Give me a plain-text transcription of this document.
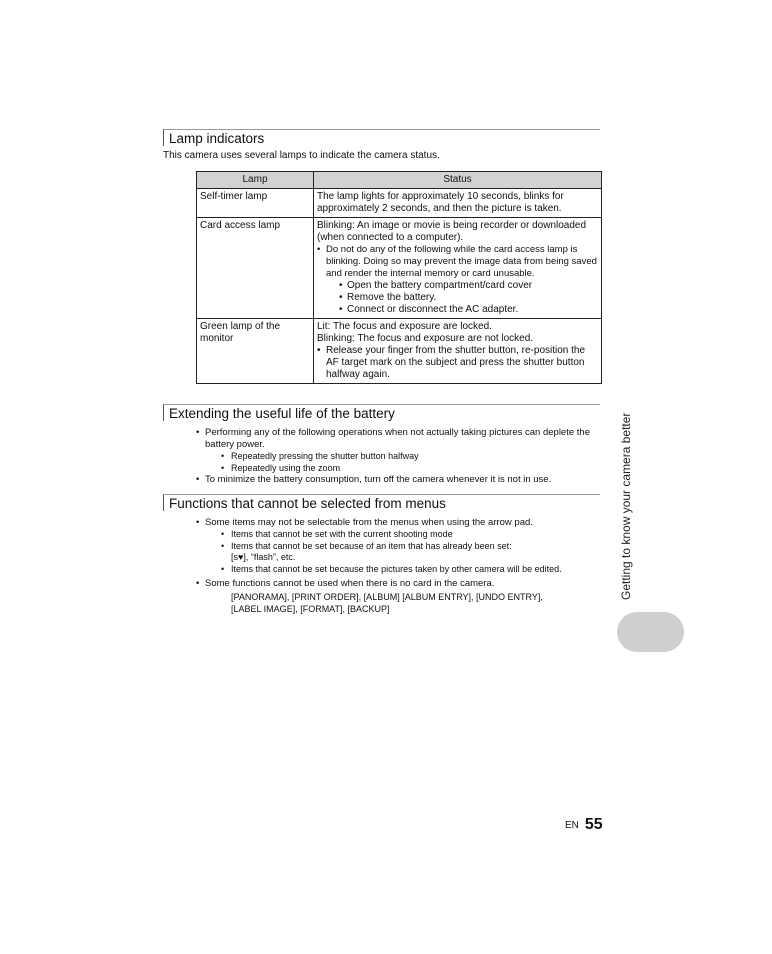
Lamp indicators
This camera uses several lamps to indicate the camera status.
Lamp	Status
Self-timer lamp	The lamp lights for approximately 10 seconds, blinks for approximately 2 seconds, and then the picture is taken.

Card access lamp	Blinking: An image or movie is being recorder or downloaded (when connected to a computer).
• Do not do any of the following while the card access lamp is blinking. Doing so may prevent the image data from being saved and render the internal memory or card unusable.
• Open the battery compartment/card cover
• Remove the battery.
• Connect or disconnect the AC adapter.

Green lamp of the monitor	Lit: The focus and exposure are locked.
Blinking: The focus and exposure are not locked.
• Release your finger from the shutter button, re-position the AF target mark on the subject and press the shutter button halfway again.
Extending the useful life of the battery
• Performing any of the following operations when not actually taking pictures can deplete the battery power.
• Repeatedly pressing the shutter button halfway
• Repeatedly using the zoom
• To minimize the battery consumption, turn off the camera whenever it is not in use.
Functions that cannot be selected from menus
• Some items may not be selectable from the menus when using the arrow pad.
• Items that cannot be set with the current shooting mode
• Items that cannot be set because of an item that has already been set:
[s♥], “flash”, etc.
• Items that cannot be set because the pictures taken by other camera will be edited.
• Some functions cannot be used when there is no card in the camera.
[PANORAMA], [PRINT ORDER], [ALBUM] [ALBUM ENTRY], [UNDO ENTRY],
[LABEL IMAGE], [FORMAT], [BACKUP]
Getting to know your camera better
EN 55
